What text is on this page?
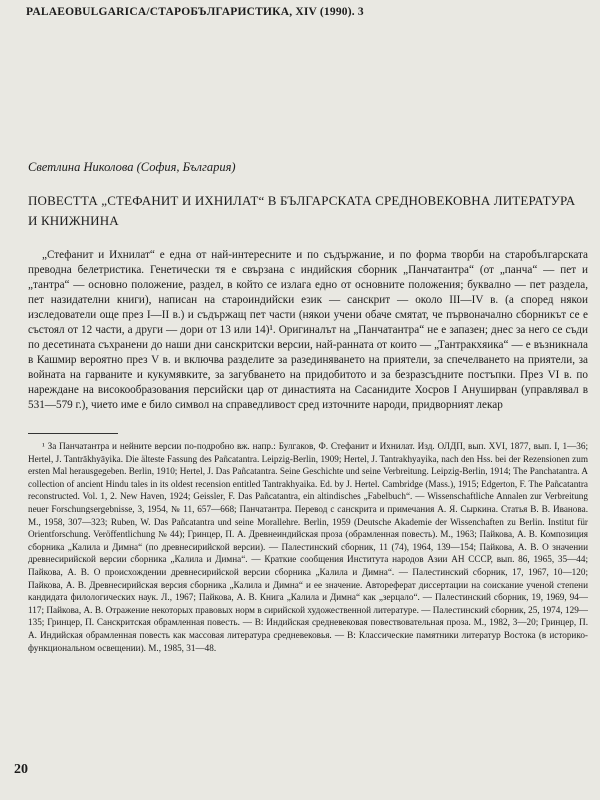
PALAEOBULGARICA/СТАРОБЪЛГАРИСТИКА, XIV (1990). 3
Светлина Николова (София, България)
ПОВЕСТТА „СТЕФАНИТ И ИХНИЛАТ“ В БЪЛГАРСКАТА СРЕДНОВЕКОВНА ЛИТЕРАТУРА И КНИЖНИНА
„Стефанит и Ихнилат“ е една от най-интересните и по съдържание, и по форма творби на старобългарската преводна белетристика. Генетически тя е свързана с индийския сборник „Панчатантра“ (от „панча“ — пет и „тантра“ — основно положение, раздел, в който се излага едно от основните положения; буквално — пет раздела, пет назидателни книги), написан на староиндийски език — санскрит — около III—IV в. (а според някои изследователи още през I—II в.) и съдържащ пет части (някои учени обаче смятат, че първоначално сборникът се е състоял от 12 части, а други — дори от 13 или 14)¹. Оригиналът на „Панчатантра“ не е запазен; днес за него се съди по десетината съхранени до наши дни санскритски версии, най-ранната от които — „Тантракхяика“ — е възникнала в Кашмир вероятно през V в. и включва разделите за разединяването на приятели, за спечелването на приятели, за войната на гарваните и кукумявките, за загубването на придобитото и за безразсъдните постъпки. През VI в. по нареждане на високообразования персийски цар от династията на Сасанидите Хосров I Ануширван (управлявал в 531—579 г.), чието име е било символ на справедливост сред източните народи, придворният лекар
¹ За Панчатантра и нейните версии по-подробно вж. напр.: Булгаков, Ф. Стефанит и Ихнилат. Изд. ОЛДП, вып. XVI, 1877, вып. I, 1—36; Hertel, J. Tantrākhyāyika. Die älteste Fassung des Pañcatantra. Leipzig-Berlin, 1909; Hertel, J. Tantrakhyayika, nach den Hss. bei der Rezensionen zum ersten Mal herausgegeben. Berlin, 1910; Hertel, J. Das Pañcatantra. Seine Geschichte und seine Verbreitung. Leipzig-Berlin, 1914; The Panchatantra. A collection of ancient Hindu tales in its oldest recension entitled Tantrakhyaika. Ed. by J. Hertel. Cambridge (Mass.), 1915; Edgerton, F. The Pañcatantra reconstructed. Vol. 1, 2. New Haven, 1924; Geissler, F. Das Pañcatantra, ein altindisches „Fabelbuch“. — Wissenschaftliche Annalen zur Verbreitung neuer Forschungsergebnisse, 3, 1954, № 11, 657—668; Панчатантра. Перевод с санскрита и примечания А. Я. Сыркина. Статья В. В. Иванова. М., 1958, 307—323; Ruben, W. Das Pañcatantra und seine Morallehre. Berlin, 1959 (Deutsche Akademie der Wissenchaften zu Berlin. Institut für Orientforschung. Veröffentlichung № 44); Гринцер, П. А. Древнеиндийская проза (обрамленная повесть). М., 1963; Пайкова, А. В. Композиция сборника „Калила и Димна“ (по древнесирийской версии). — Палестинский сборник, 11 (74), 1964, 139—154; Пайкова, А. В. О значении древнесирийской версии сборника „Калила и Димна“. — Краткие сообщения Института народов Азии АН СССР, вып. 86, 1965, 35—44; Пайкова, А. В. О происхождении древнесирийской версии сборника „Калила и Димна“. — Палестинский сборник, 17, 1967, 10—120; Пайкова, А. В. Древнесирийская версия сборника „Калила и Димна“ и ее значение. Автореферат диссертации на соискание ученой степени кандидата филологических наук. Л., 1967; Пайкова, А. В. Книга „Калила и Димна“ как „зерцало“. — Палестинский сборник, 19, 1969, 94—117; Пайкова, А. В. Отражение некоторых правовых норм в сирийской художественной литературе. — Палестинский сборник, 25, 1974, 129—135; Гринцер, П. Санскритская обрамленная повесть. — В: Индийская средневековая повествовательная проза. М., 1982, 3—20; Гринцер, П. А. Индийская обрамленная повесть как массовая литература средневековья. — В: Классические памятники литератур Востока (в историко-функциональном освещении). М., 1985, 31—48.
20
